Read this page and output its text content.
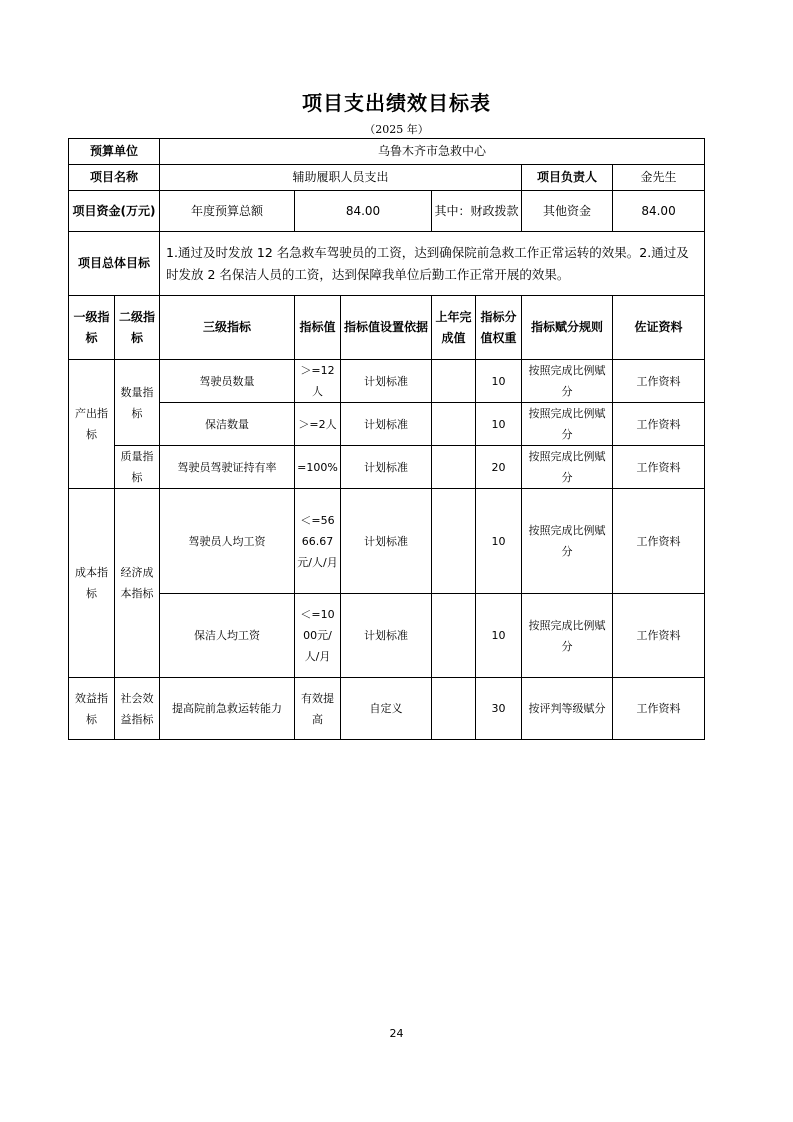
项目支出绩效目标表
（2025 年）
预算单位		乌鲁木齐市急救中心						
项目名称		辅助履职人员支出					项目负责人	金先生
项目资金(万元)		年度预算总额	84.00		其中：财政拨款		其他资金	84.00
项目总体目标		1.通过及时发放 12 名急救车驾驶员的工资，达到确保院前急救工作正常运转的效果。2.通过及时发放 2 名保洁人员的工资，达到保障我单位后勤工作正常开展的效果。						
一级指标	二级指标	三级指标	指标值	指标值设置依据	上年完成值	指标分值权重	指标赋分规则	佐证资料
产出指标	数量指标	驾驶员数量	＞=12人	计划标准		10	按照完成比例赋分	工作资料
		保洁数量	＞=2人	计划标准		10	按照完成比例赋分	工作资料
	质量指标	驾驶员驾驶证持有率	=100%	计划标准		20	按照完成比例赋分	工作资料
成本指标	经济成本指标	驾驶员人均工资	＜=5666.67元/人/月	计划标准		10	按照完成比例赋分	工作资料
		保洁人均工资	＜=1000元/人/月	计划标准		10	按照完成比例赋分	工作资料
效益指标	社会效益指标	提高院前急救运转能力	有效提高	自定义		30	按评判等级赋分	工作资料
24
